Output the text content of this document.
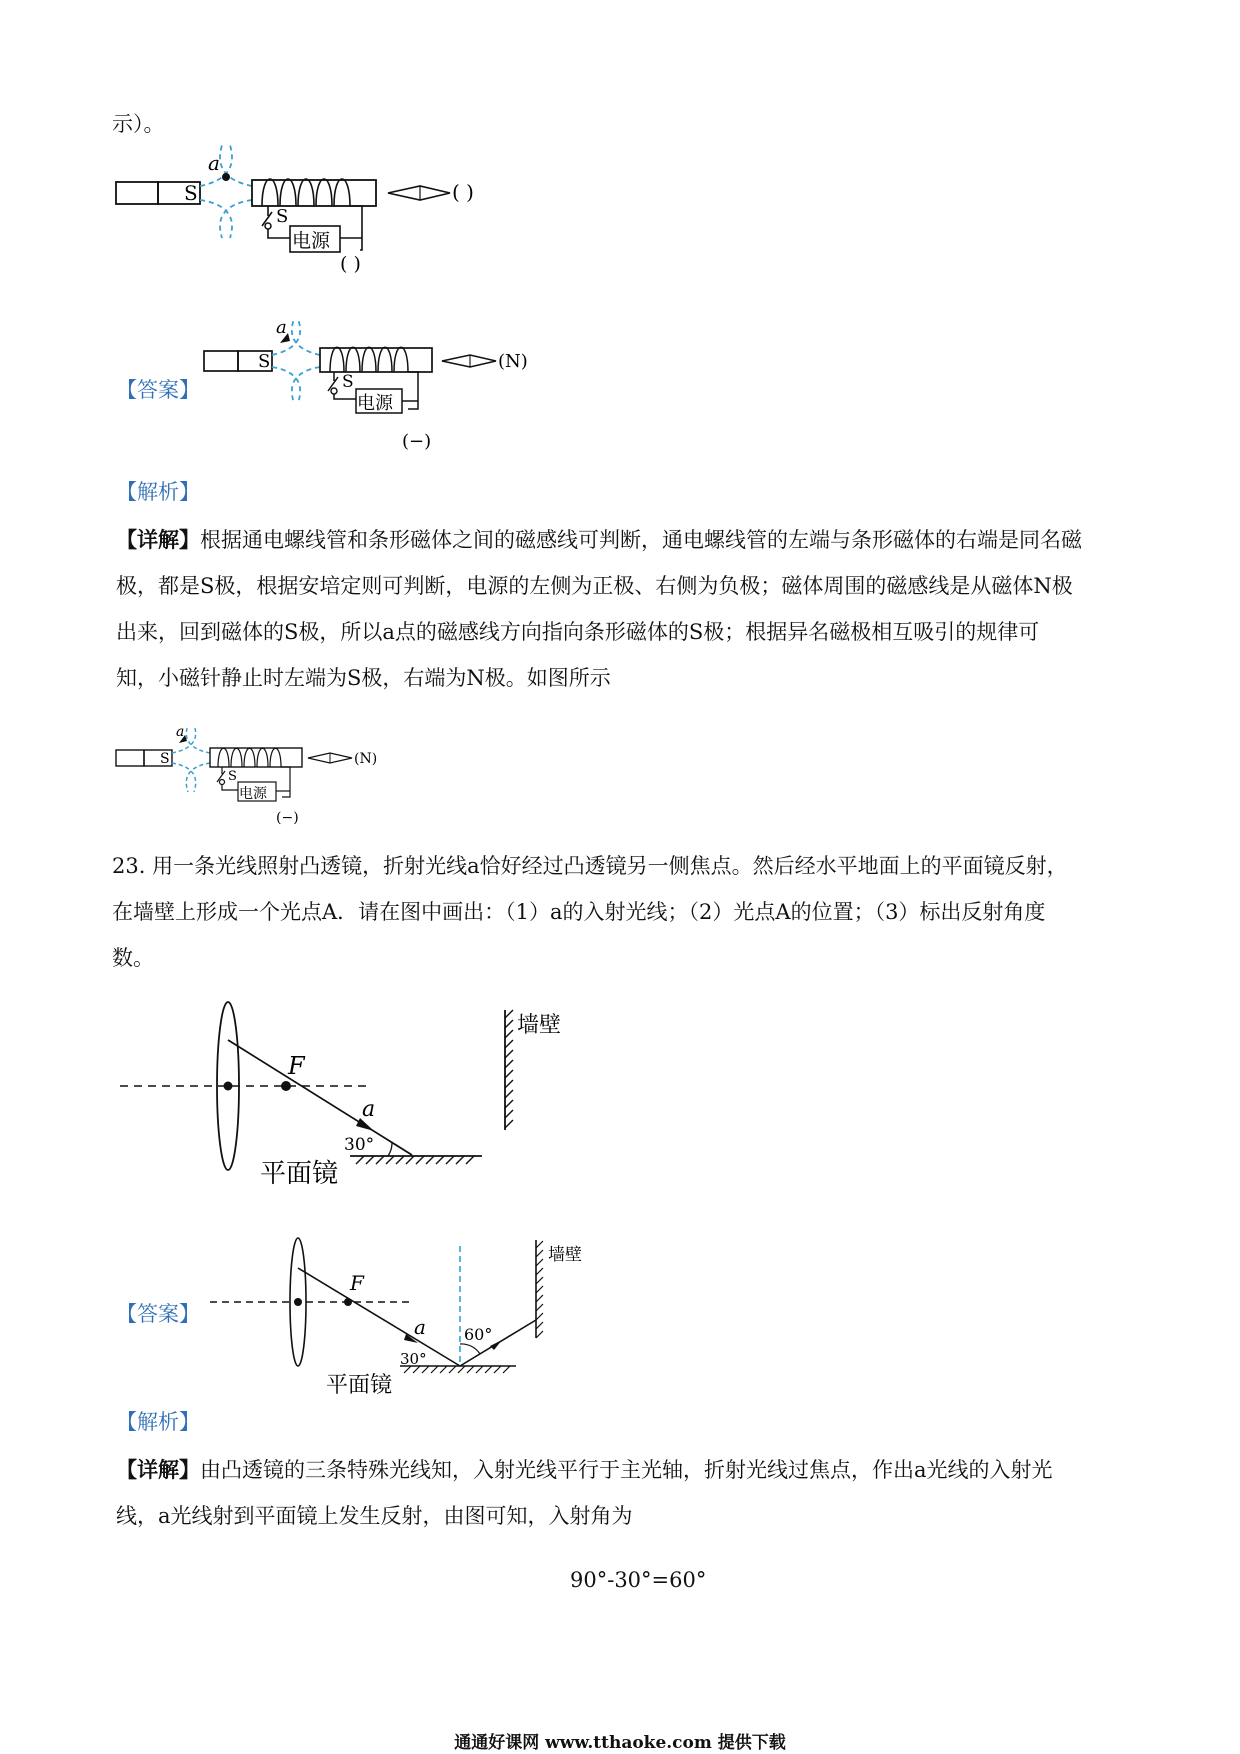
示）。
S
a
S
电源
( )
( )
【答案】
S
a
S
电源
(−)
(N)
【解析】
【详解】根据通电螺线管和条形磁体之间的磁感线可判断，通电螺线管的左端与条形磁体的右端是同名磁
极，都是S极，根据安培定则可判断，电源的左侧为正极、右侧为负极；磁体周围的磁感线是从磁体N极
出来，回到磁体的S极，所以a点的磁感线方向指向条形磁体的S极；根据异名磁极相互吸引的规律可
知，小磁针静止时左端为S极，右端为N极。如图所示
S
a
S
电源
(−)
(N)
23. 用一条光线照射凸透镜，折射光线a恰好经过凸透镜另一侧焦点。然后经水平地面上的平面镜反射，
在墙壁上形成一个光点A．请在图中画出：（1）a的入射光线；（2）光点A的位置；（3）标出反射角度
数。
F
a
30°
平面镜
墙壁
【答案】
F
a
30°
60°
平面镜
墙壁
【解析】
【详解】由凸透镜的三条特殊光线知，入射光线平行于主光轴，折射光线过焦点，作出a光线的入射光
线，a光线射到平面镜上发生反射，由图可知，入射角为
90°-30°=60°
通通好课网 www.tthaoke.com 提供下载
